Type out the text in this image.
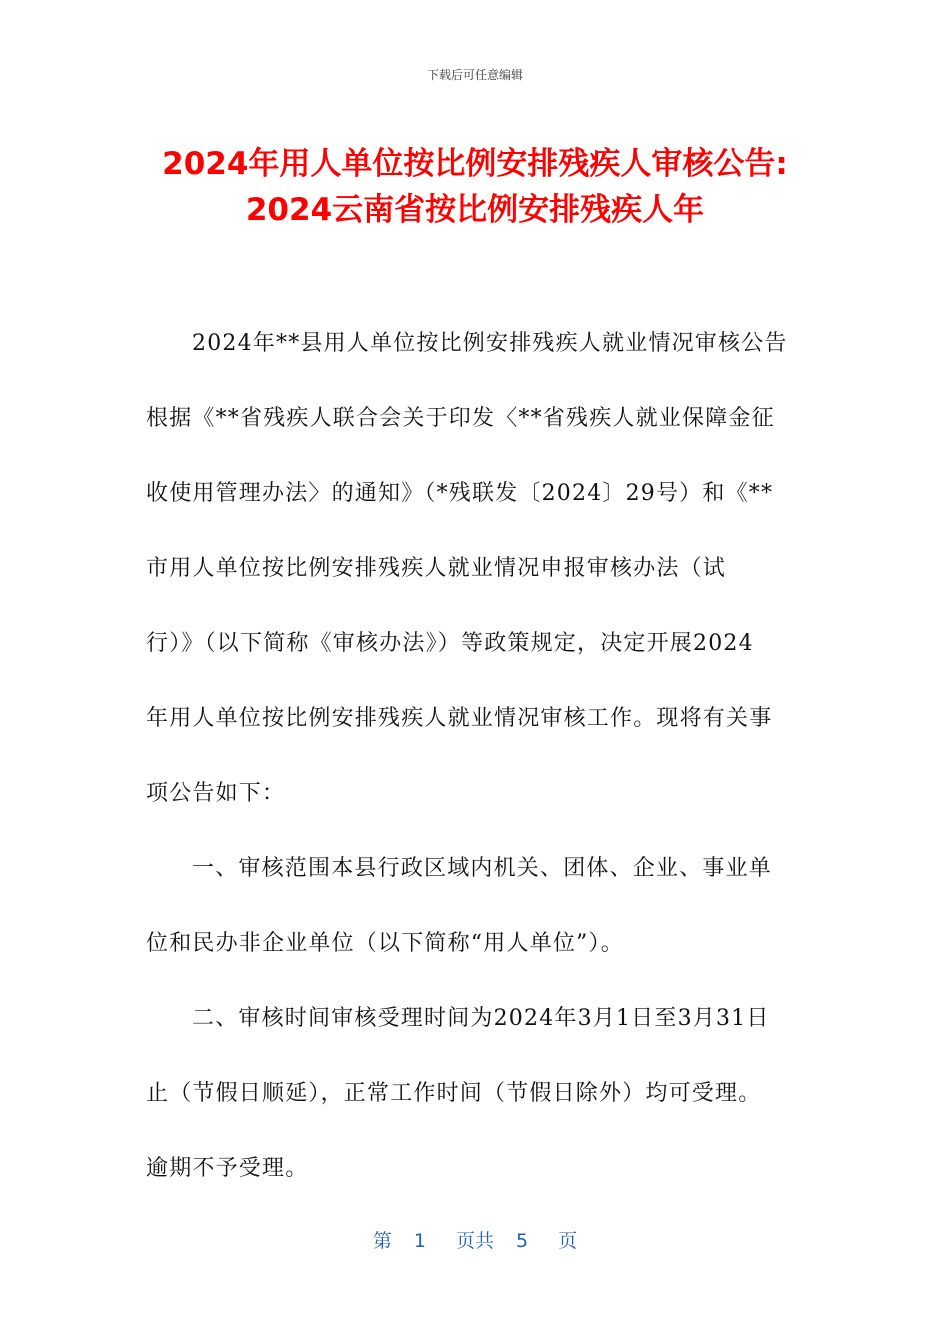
下载后可任意编辑
2024年用人单位按比例安排残疾人审核公告:
2024云南省按比例安排残疾人年
2024年**县用人单位按比例安排残疾人就业情况审核公告
根据《**省残疾人联合会关于印发〈**省残疾人就业保障金征
收使用管理办法〉的通知》（*残联发〔2024〕29号）和《**
市用人单位按比例安排残疾人就业情况申报审核办法（试
行）》（以下简称《审核办法》）等政策规定，决定开展2024
年用人单位按比例安排残疾人就业情况审核工作。现将有关事
项公告如下：
一、审核范围本县行政区域内机关、团体、企业、事业单
位和民办非企业单位（以下简称“用人单位”）。
二、审核时间审核受理时间为2024年3月1日至3月31日
止（节假日顺延），正常工作时间（节假日除外）均可受理。
逾期不予受理。
第 1 页共 5 页
